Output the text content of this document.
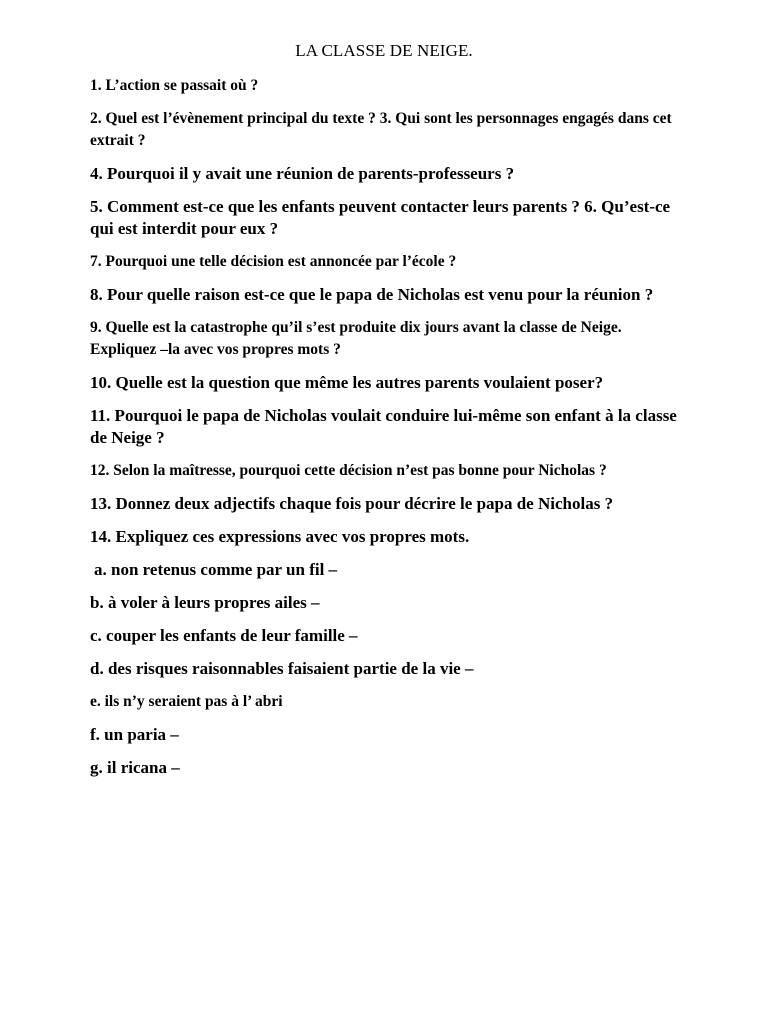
LA CLASSE DE NEIGE.
1. L’action se passait où ?
2. Quel est l’évènement principal du texte ? 3. Qui sont les personnages engagés dans cet extrait ?
4. Pourquoi il y avait une réunion de parents-professeurs ?
5. Comment est-ce que les enfants peuvent contacter leurs parents ? 6. Qu’est-ce qui est interdit pour eux ?
7. Pourquoi une telle décision est annoncée par l’école ?
8. Pour quelle raison est-ce que le papa de Nicholas est venu pour la réunion ?
9. Quelle est la catastrophe qu’il s’est produite dix jours avant la classe de Neige. Expliquez –la avec vos propres mots ?
10. Quelle est la question que même les autres parents voulaient poser?
11. Pourquoi le papa de Nicholas voulait conduire lui-même son enfant à la classe de Neige ?
12. Selon la maîtresse, pourquoi cette décision n’est pas bonne pour Nicholas ?
13. Donnez deux adjectifs chaque fois pour décrire le papa de Nicholas ?
14. Expliquez ces expressions avec vos propres mots.
a. non retenus comme par un fil –
b. à voler à leurs propres ailes –
c. couper les enfants de leur famille –
d. des risques raisonnables faisaient partie de la vie –
e. ils n’y seraient pas à l’ abri
f. un paria –
g. il ricana –
